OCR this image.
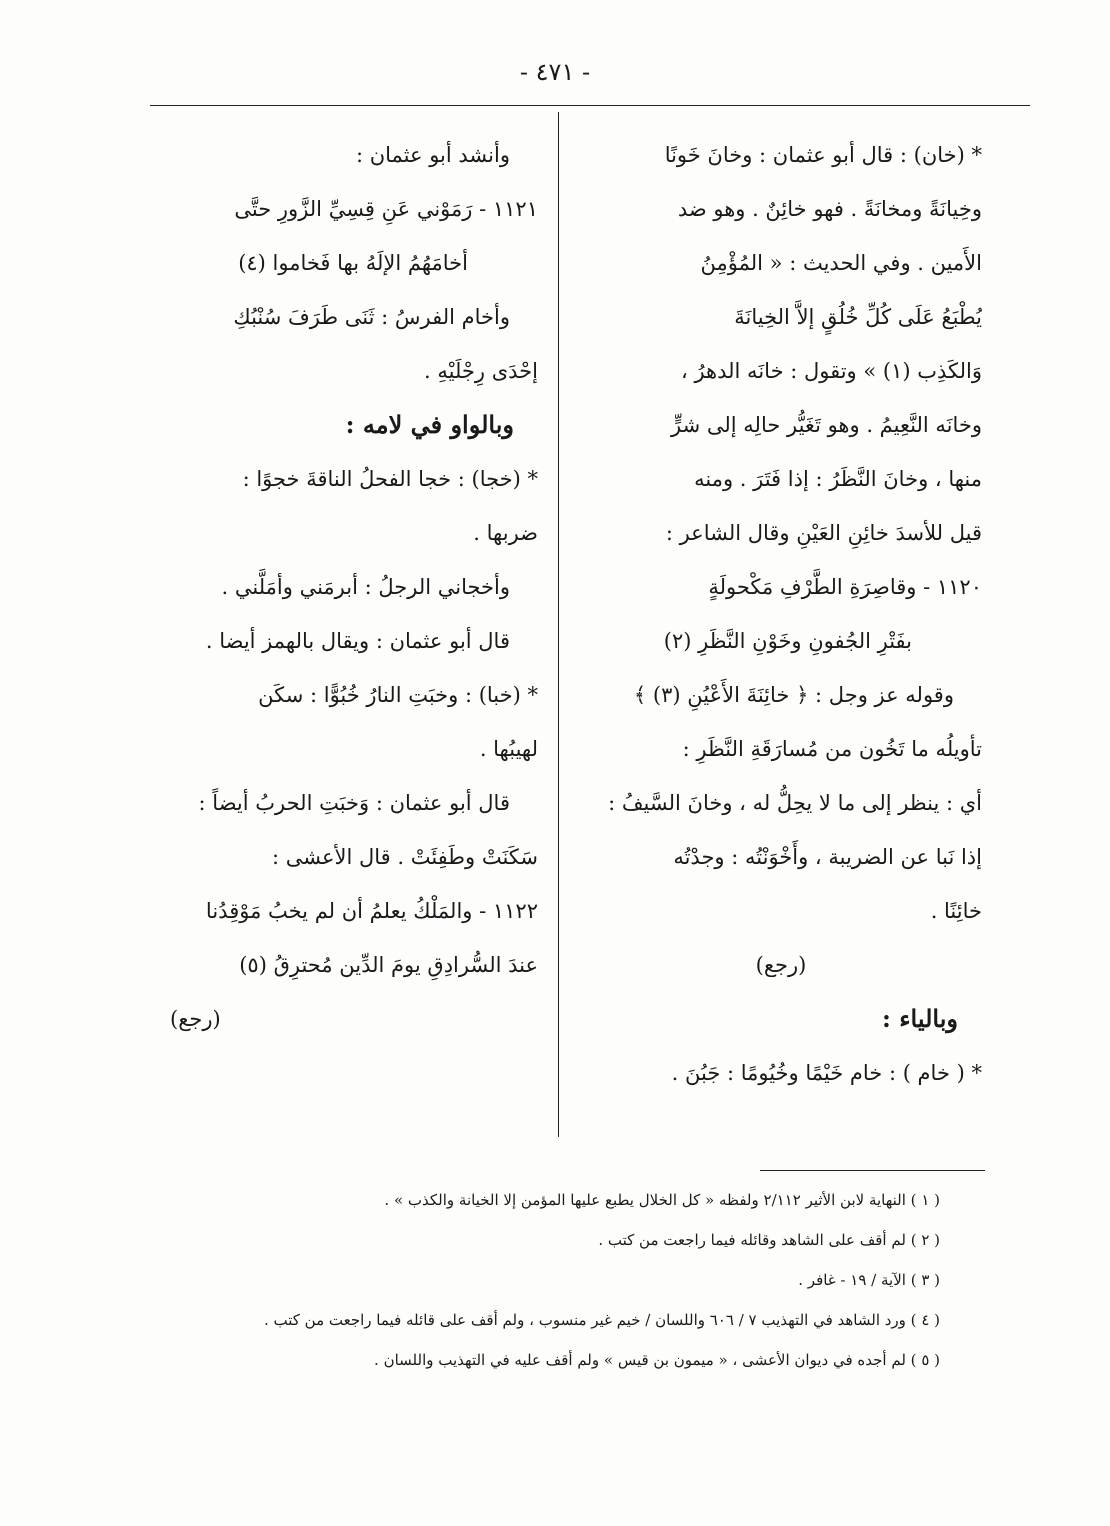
- ٤٧١ -
* (خان) : قال أبو عثمان : وخانَ خَونًا
وخِيانَةً ومخانَةً . فهو خائِنٌ . وهو ضد
الأَمين . وفي الحديث : « المُؤْمِنُ
يُطْبَعُ عَلَى كُلِّ خُلُقٍ إلاَّ الخِيانَةَ
وَالكَذِب (١) » وتقول : خانَه الدهرُ ،
وخانَه النَّعِيمُ . وهو تَغَيُّر حالِه إلى شرٍّ
منها ، وخانَ النَّظَرُ : إذا فَتَرَ . ومنه
قيل للأسدَ خائِنِ العَيْنِ وقال الشاعر :
١١٢٠ - وقاصِرَةِ الطَّرْفِ مَكْحولَةٍ
بفَتْرِ الجُفونِ وخَوْنِ النَّظَرِ (٢)
وقوله عز وجل : ﴿ خائِنَةَ الأَعْيُنِ (٣) ﴾
تأويلُه ما تَخُون من مُسارَقَةِ النَّظَرِ :
أي : ينظر إلى ما لا يحِلُّ له ، وخانَ السَّيفُ :
إذا نَبا عن الضريبة ، وأَخْوَنْتُه : وجدْتُه
خائِنًا .
(رجع)
وبالياء :
* ( خام ) : خام خَيْمًا وخُيُومًا : جَبُنَ .
وأنشد أبو عثمان :
١١٢١ - رَمَوْني عَنِ قِسِيِّ الزَّورِ حتَّى
أخامَهُمُ الإلَهُ بها فَخاموا (٤)
وأخام الفرسُ : ثَنَى طَرَفَ سُنْبُكِ
إحْدَى رِجْلَيْهِ .
وبالواو في لامه :
* (خجا) : خجا الفحلُ الناقةَ خجوًا :
ضربها .
وأخجاني الرجلُ : أبرمَني وأمَلَّني .
قال أبو عثمان : ويقال بالهمز أيضا .
* (خبا) : وخبَتِ النارُ خُبُوًّا : سكَن
لهيبُها .
قال أبو عثمان : وَخبَتِ الحربُ أيضاً :
سَكَنَتْ وطَفِئَتْ . قال الأعشى :
١١٢٢ - والمَلْكُ يعلمُ أن لم يخبُ مَوْقِدُنا
عندَ السُّرادِقِ يومَ الدِّين مُحترِقُ (٥)
(رجع)
( ١ ) النهاية لابن الأثير ٢/١١٢ ولفظه « كل الخلال يطبع عليها المؤمن إلا الخيانة والكذب » .
( ٢ ) لم أقف على الشاهد وقائله فيما راجعت من كتب .
( ٣ ) الآية / ١٩ - غافر .
( ٤ ) ورد الشاهد في التهذيب ٧ / ٦٠٦ واللسان / خيم غير منسوب ، ولم أقف على قائله فيما راجعت من كتب .
( ٥ ) لم أجده في ديوان الأعشى ، « ميمون بن قيس » ولم أقف عليه في التهذيب واللسان .
